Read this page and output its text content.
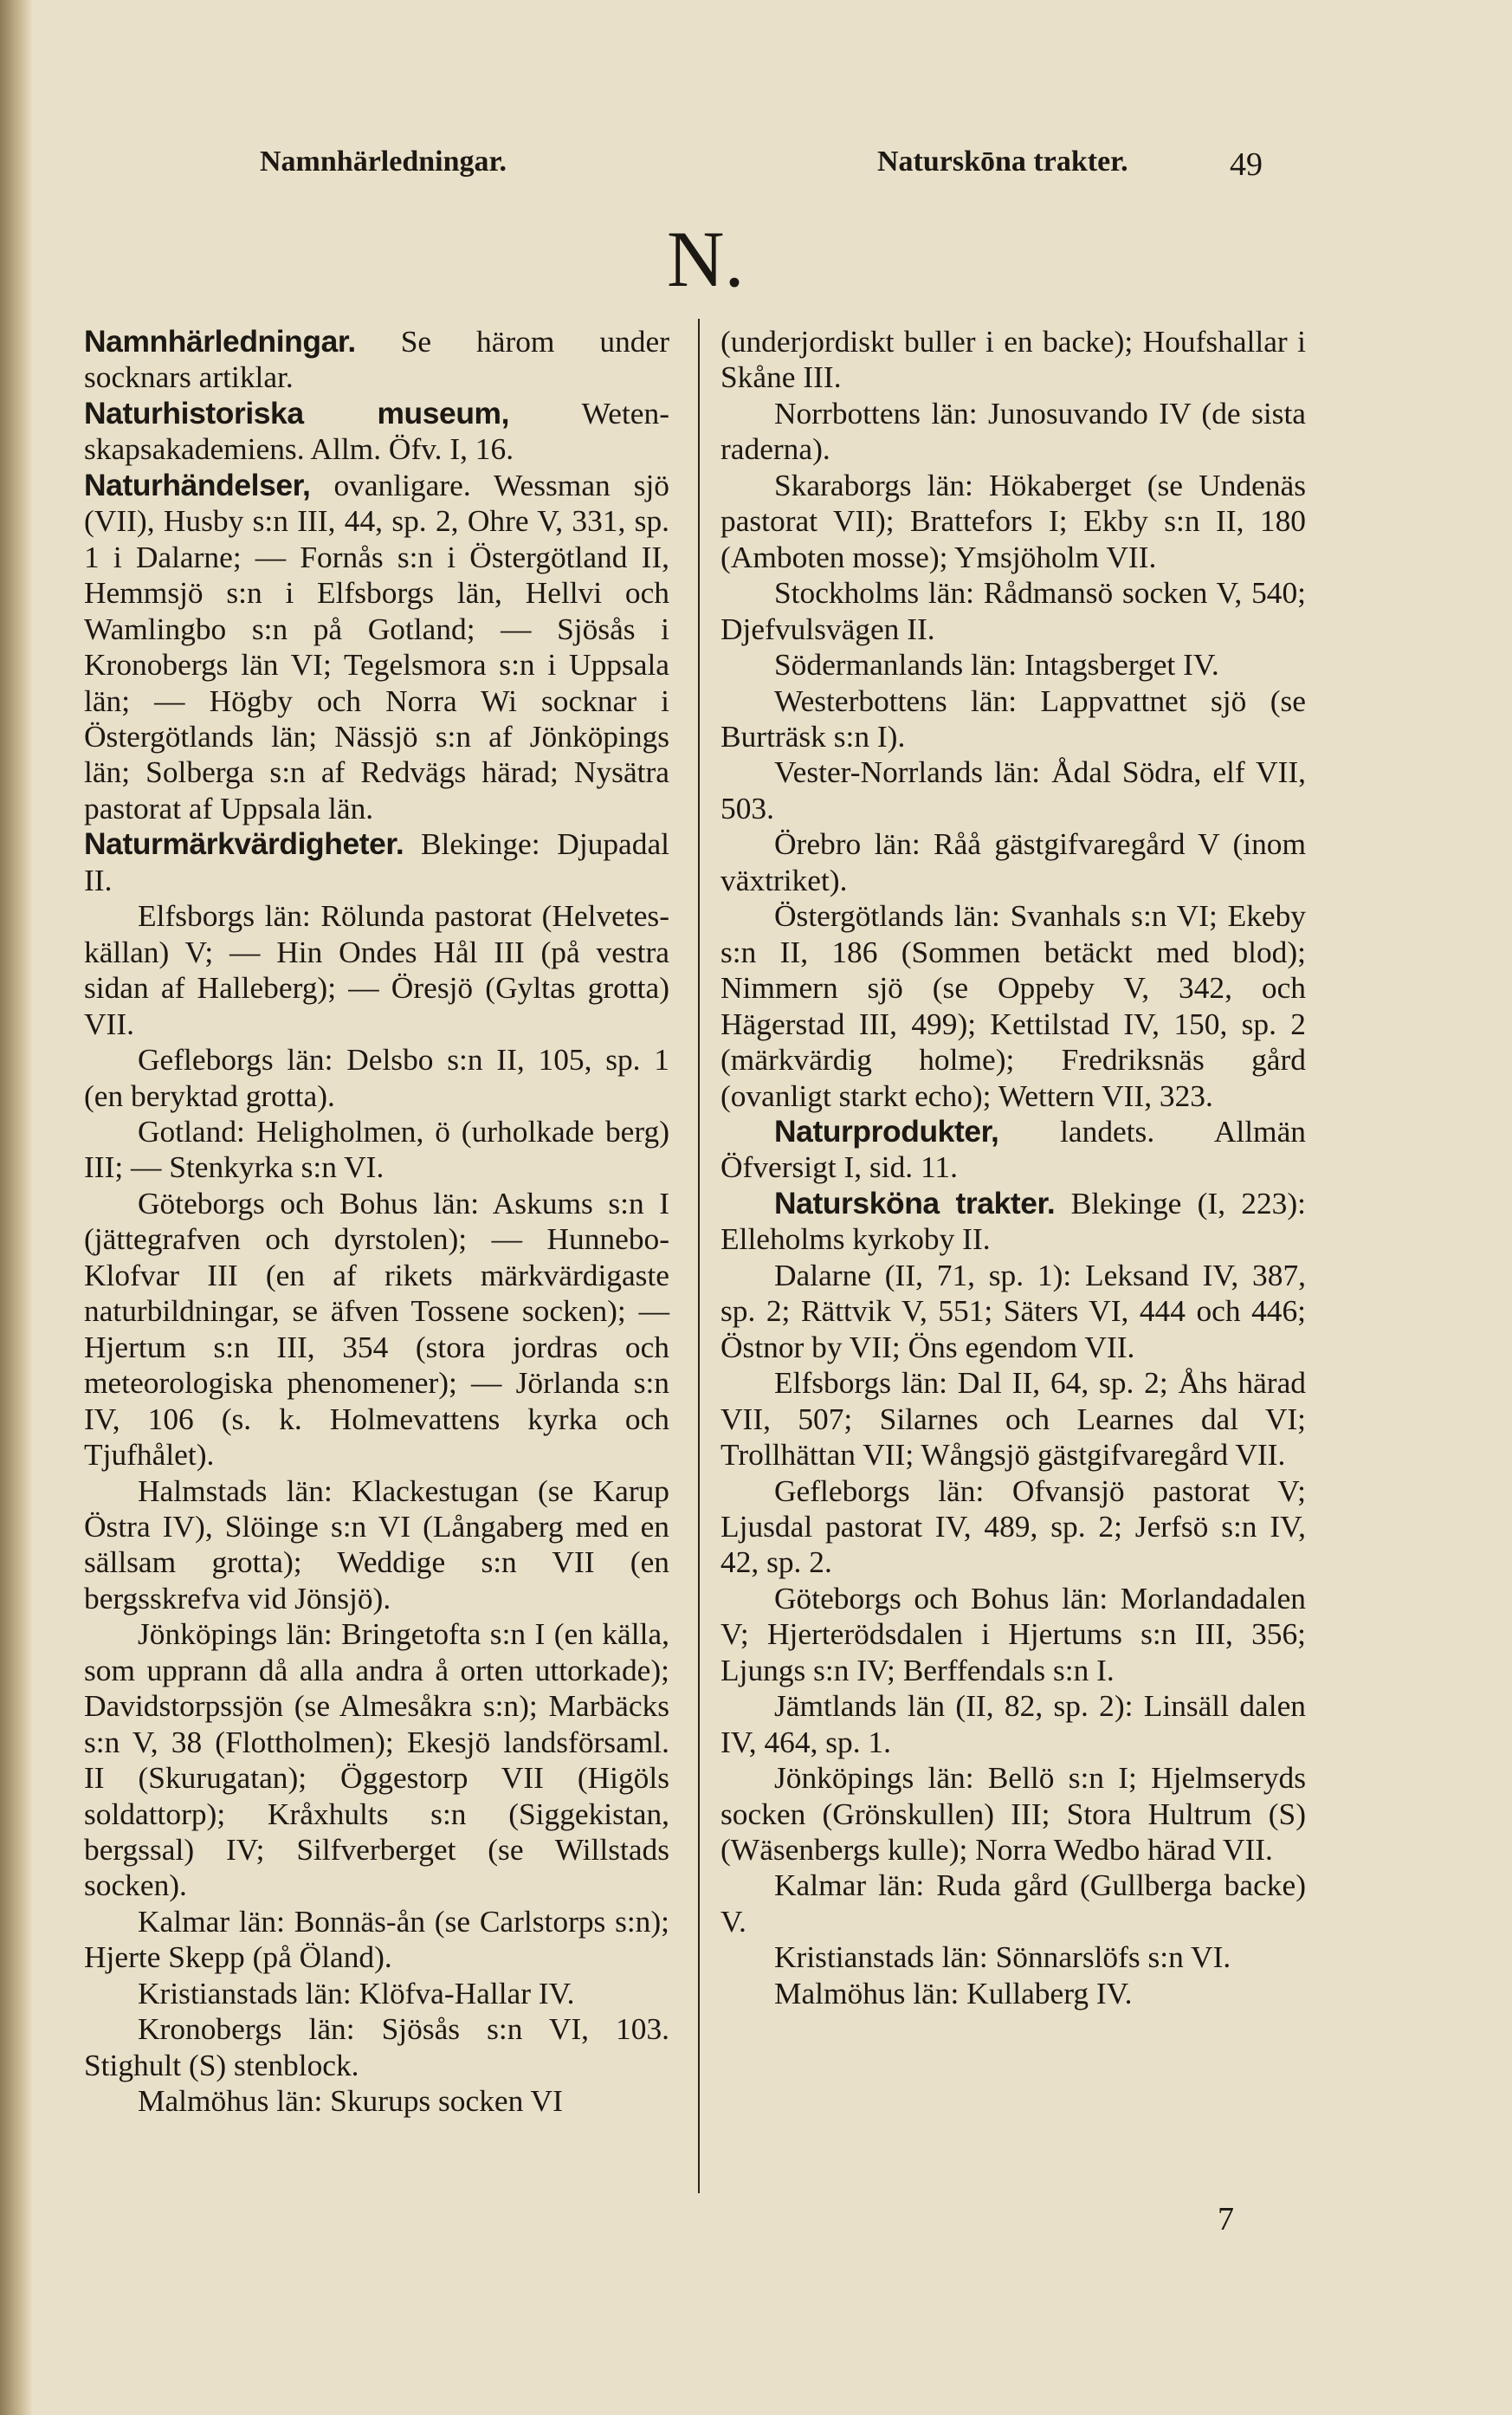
Namnhärledningar.	Naturskōna trakter.	49
N.

Namnhärledningar. Se härom under socknars artiklar.

Naturhistoriska museum, Wetenskapsakademiens. Allm. Öfv. I, 16.

Naturhändelser, ovanligare. Wessman sjö (VII), Husby s:n III, 44, sp. 2, Ohre V, 331, sp. 1 i Dalarne; — Fornås s:n i Östergötland II, Hemmsjö s:n i Elfsborgs län, Hellvi och Wamlingbo s:n på Gotland; — Sjösås i Kronobergs län VI; Tegelsmora s:n i Uppsala län; — Högby och Norra Wi socknar i Östergötlands län; Nässjö s:n af Jönköpings län; Solberga s:n af Redvägs härad; Nysätra pastorat af Uppsala län.

Naturmärkvärdigheter. Blekinge: Djupadal II.

Elfsborgs län: Rölunda pastorat (Helvetes-källan) V; — Hin Ondes Hål III (på vestra sidan af Halleberg); — Öresjö (Gyltas grotta) VII.

Gefleborgs län: Delsbo s:n II, 105, sp. 1 (en beryktad grotta).

Gotland: Heligholmen, ö (urholkade berg) III; — Stenkyrka s:n VI.

Göteborgs och Bohus län: Askums s:n I (jättegrafven och dyrstolen); — Hunnebo-Klofvar III (en af rikets märkvärdigaste naturbildningar, se äfven Tossene socken); — Hjertum s:n III, 354 (stora jordras och meteorologiska phenomener); — Jörlanda s:n IV, 106 (s. k. Holmevattens kyrka och Tjufhålet).

Halmstads län: Klackestugan (se Karup Östra IV), Slöinge s:n VI (Långaberg med en sällsam grotta); Weddige s:n VII (en bergsskrefva vid Jönsjö).

Jönköpings län: Bringetofta s:n I (en källa, som upprann då alla andra å orten uttorkade); Davidstorpssjön (se Almesåkra s:n); Marbäcks s:n V, 38 (Flottholmen); Ekesjö landsförsaml. II (Skurugatan); Öggestorp VII (Higöls soldattorp); Kråxhults s:n (Siggekistan, bergssal) IV; Silfverberget (se Willstads socken).

Kalmar län: Bonnäs-ån (se Carlstorps s:n); Hjerte Skepp (på Öland).

Kristianstads län: Klöfva-Hallar IV.

Kronobergs län: Sjösås s:n VI, 103. Stighult (S) stenblock.

Malmöhus län: Skurups socken VI

(underjordiskt buller i en backe); Houfshallar i Skåne III.

Norrbottens län: Junosuvando IV (de sista raderna).

Skaraborgs län: Hökaberget (se Undenäs pastorat VII); Brattefors I; Ekby s:n II, 180 (Amboten mosse); Ymsjöholm VII.

Stockholms län: Rådmansö socken V, 540; Djefvulsvägen II.

Södermanlands län: Intagsberget IV.

Westerbottens län: Lappvattnet sjö (se Burträsk s:n I).

Vester-Norrlands län: Ådal Södra, elf VII, 503.

Örebro län: Råå gästgifvaregård V (inom växtriket).

Östergötlands län: Svanhals s:n VI; Ekeby s:n II, 186 (Sommen betäckt med blod); Nimmern sjö (se Oppeby V, 342, och Hägerstad III, 499); Kettilstad IV, 150, sp. 2 (märkvärdig holme); Fredriksnäs gård (ovanligt starkt echo); Wettern VII, 323.

Naturprodukter, landets. Allmän Öfversigt I, sid. 11.

Natursköna trakter. Blekinge (I, 223): Elleholms kyrkoby II.

Dalarne (II, 71, sp. 1): Leksand IV, 387, sp. 2; Rättvik V, 551; Säters VI, 444 och 446; Östnor by VII; Öns egendom VII.

Elfsborgs län: Dal II, 64, sp. 2; Åhs härad VII, 507; Silarnes och Learnes dal VI; Trollhättan VII; Wångsjö gästgifvaregård VII.

Gefleborgs län: Ofvansjö pastorat V; Ljusdal pastorat IV, 489, sp. 2; Jerfsö s:n IV, 42, sp. 2.

Göteborgs och Bohus län: Morlandadalen V; Hjerterödsdalen i Hjertums s:n III, 356; Ljungs s:n IV; Berffendals s:n I.

Jämtlands län (II, 82, sp. 2): Linsäll dalen IV, 464, sp. 1.

Jönköpings län: Bellö s:n I; Hjelmseryds socken (Grönskullen) III; Stora Hultrum (S) (Wäsenbergs kulle); Norra Wedbo härad VII.

Kalmar län: Ruda gård (Gullberga backe) V.

Kristianstads län: Sönnarslöfs s:n VI.

Malmöhus län: Kullaberg IV.

7
